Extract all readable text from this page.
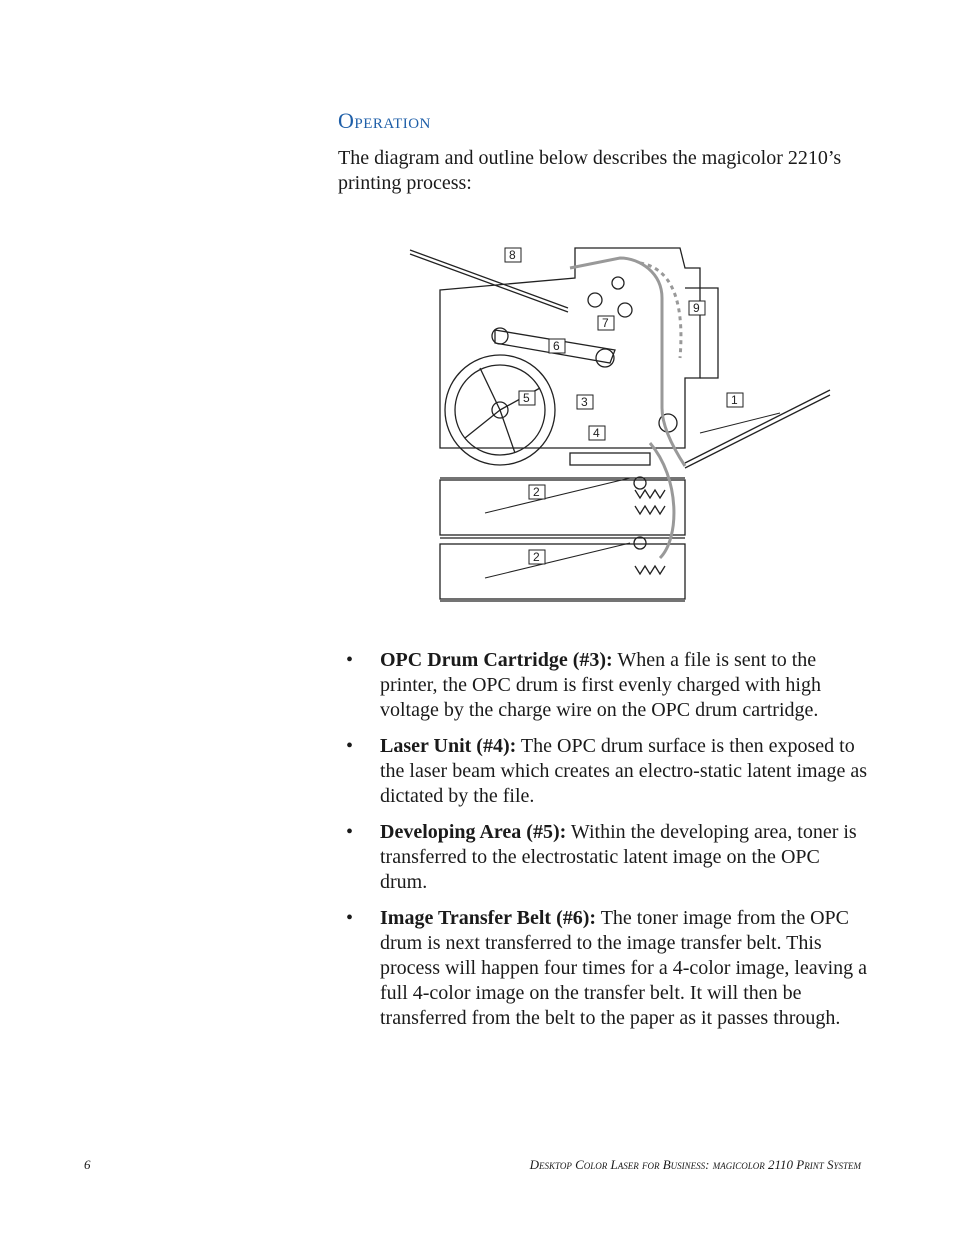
Operation

The diagram and outline below describes the magicolor 2210’s printing process:

8
7
9
6
5	3	1
4
2
2
• OPC Drum Cartridge (#3): When a file is sent to the printer, the OPC drum is first evenly charged with high voltage by the charge wire on the OPC drum cartridge.
• Laser Unit (#4): The OPC drum surface is then exposed to the laser beam which creates an electro-static latent image as dictated by the file.
• Developing Area (#5): Within the developing area, toner is transferred to the electrostatic latent image on the OPC drum.
• Image Transfer Belt (#6): The toner image from the OPC drum is next transferred to the image transfer belt. This process will happen four times for a 4-color image, leaving a full 4-color image on the transfer belt. It will then be transferred from the belt to the paper as it passes through.
6	Desktop Color Laser for Business: magicolor 2110 Print System
